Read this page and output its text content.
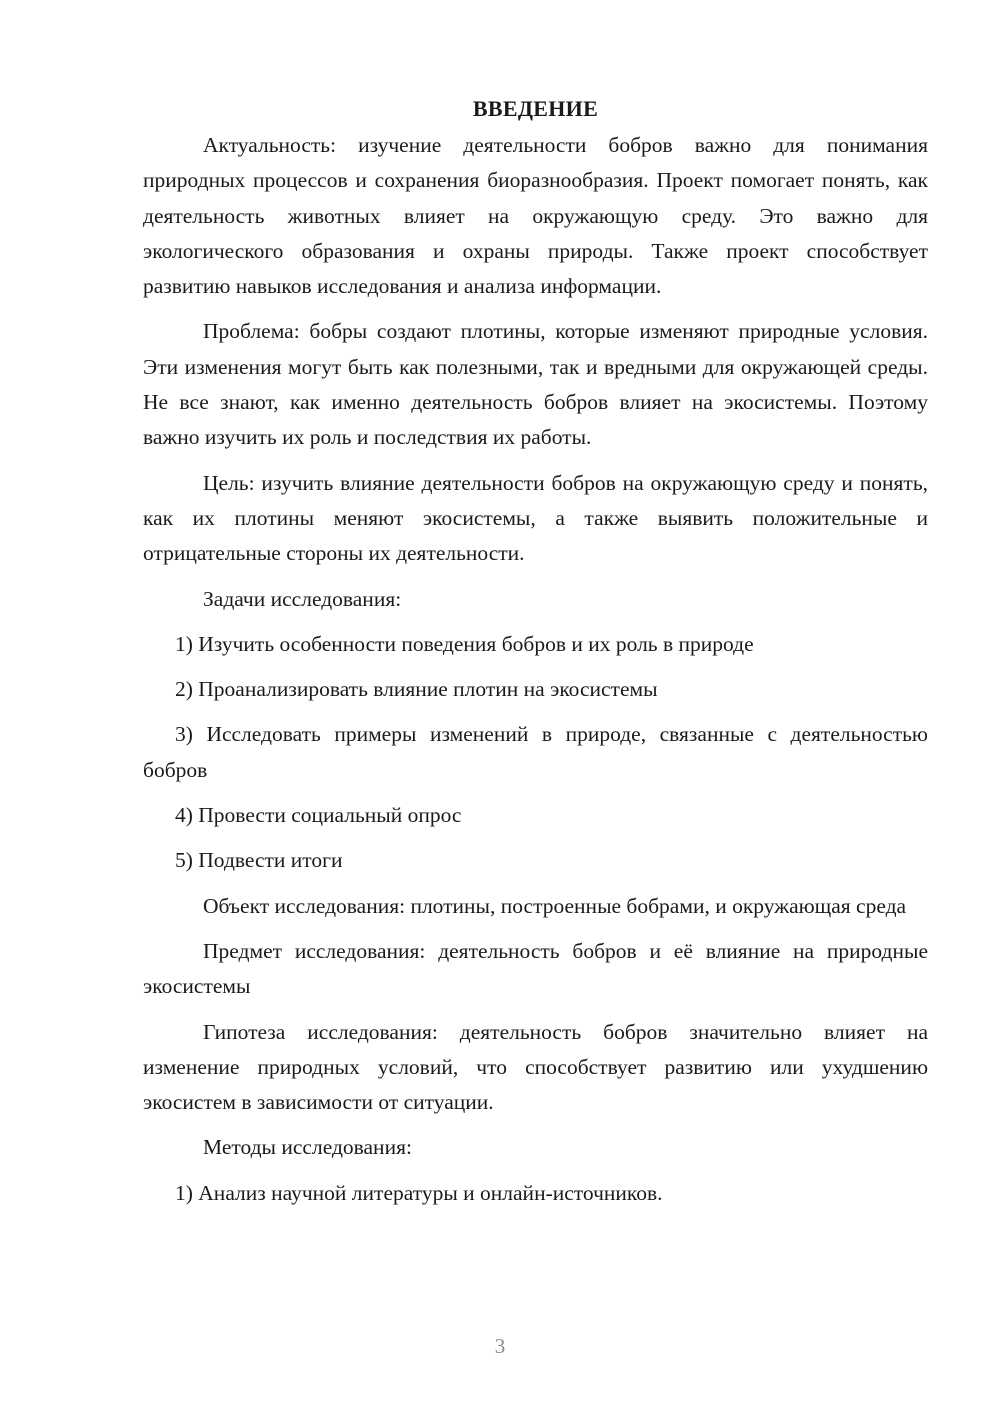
ВВЕДЕНИЕ

Актуальность: изучение деятельности бобров важно для понимания природных процессов и сохранения биоразнообразия. Проект помогает понять, как деятельность животных влияет на окружающую среду. Это важно для экологического образования и охраны природы. Также проект способствует развитию навыков исследования и анализа информации.

Проблема: бобры создают плотины, которые изменяют природные условия. Эти изменения могут быть как полезными, так и вредными для окружающей среды. Не все знают, как именно деятельность бобров влияет на экосистемы. Поэтому важно изучить их роль и последствия их работы.

Цель: изучить влияние деятельности бобров на окружающую среду и понять, как их плотины меняют экосистемы, а также выявить положительные и отрицательные стороны их деятельности.

Задачи исследования:

1) Изучить особенности поведения бобров и их роль в природе

2) Проанализировать влияние плотин на экосистемы

3) Исследовать примеры изменений в природе, связанные с деятельностью бобров

4) Провести социальный опрос

5) Подвести итоги

Объект исследования: плотины, построенные бобрами, и окружающая среда

Предмет исследования: деятельность бобров и её влияние на природные экосистемы

Гипотеза исследования: деятельность бобров значительно влияет на изменение природных условий, что способствует развитию или ухудшению экосистем в зависимости от ситуации.

Методы исследования:

1) Анализ научной литературы и онлайн-источников.

3
